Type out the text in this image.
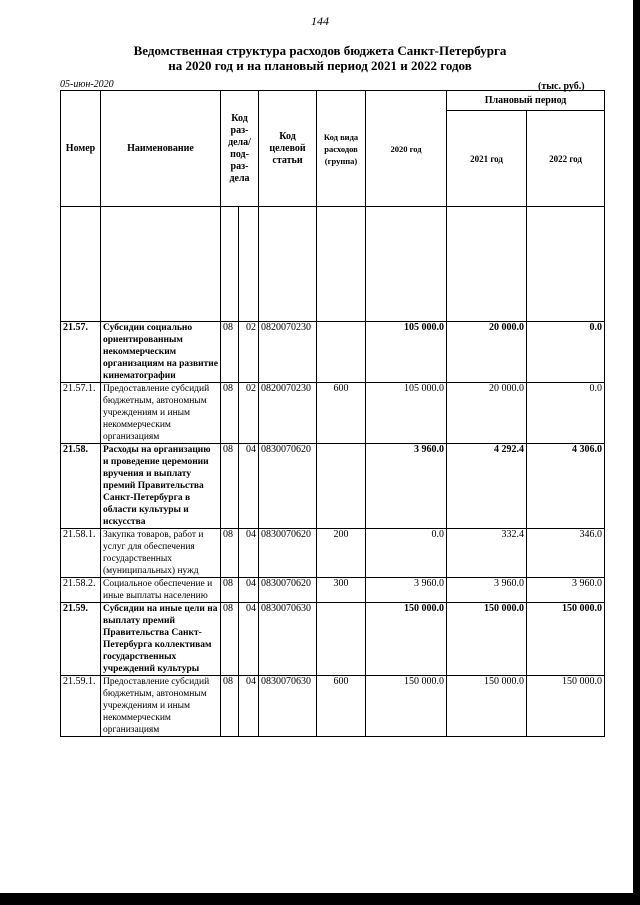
144
Ведомственная структура расходов бюджета Санкт-Петербурга
на 2020 год и на плановый период 2021 и 2022 годов
05-июн-2020	(тыс. руб.)
Номер	Наименование	Код раз- дела/ под- раз- дела		Код целевой статьи	Код вида расходов (группа)	2020 год	Плановый период	
							2021 год	2022 год

21.57.	Субсидии социально ориентированным некоммерческим организациям на развитие кинематографии	08	02	0820070230		105 000.0	20 000.0	0.0
21.57.1.	Предоставление субсидий бюджетным, автономным учреждениям и иным некоммерческим организациям	08	02	0820070230	600	105 000.0	20 000.0	0.0
21.58.	Расходы на организацию и проведение церемонии вручения и выплату премий Правительства Санкт-Петербурга в области культуры и искусства	08	04	0830070620		3 960.0	4 292.4	4 306.0
21.58.1.	Закупка товаров, работ и услуг для обеспечения государственных (муниципальных) нужд	08	04	0830070620	200	0.0	332.4	346.0
21.58.2.	Социальное обеспечение и иные выплаты населению	08	04	0830070620	300	3 960.0	3 960.0	3 960.0
21.59.	Субсидии на иные цели на выплату премий Правительства Санкт-Петербурга коллективам государственных учреждений культуры	08	04	0830070630		150 000.0	150 000.0	150 000.0
21.59.1.	Предоставление субсидий бюджетным, автономным учреждениям и иным некоммерческим организациям	08	04	0830070630	600	150 000.0	150 000.0	150 000.0
